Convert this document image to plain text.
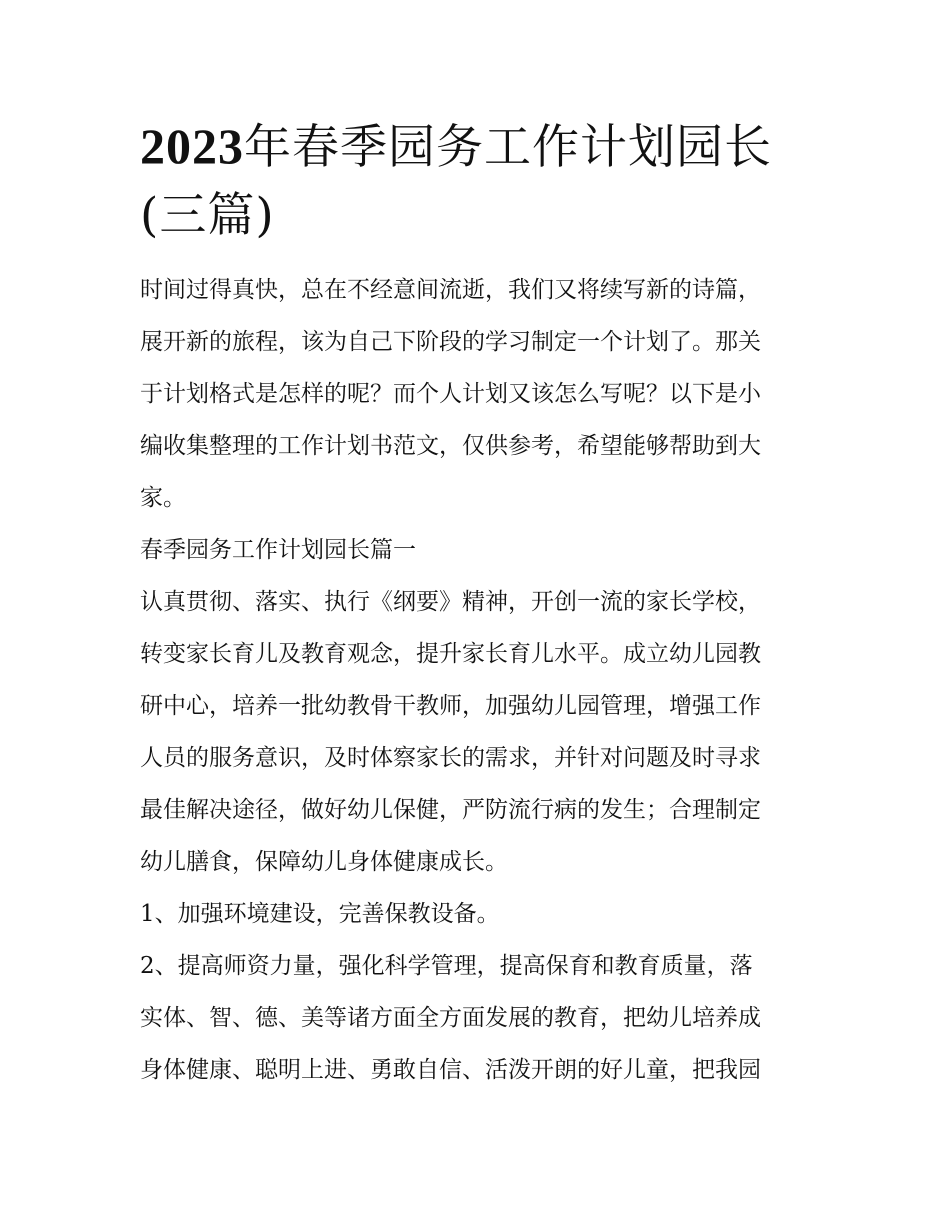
2023年春季园务工作计划园长
(三篇)

时间过得真快，总在不经意间流逝，我们又将续写新的诗篇，
展开新的旅程，该为自己下阶段的学习制定一个计划了。那关
于计划格式是怎样的呢？而个人计划又该怎么写呢？以下是小
编收集整理的工作计划书范文，仅供参考，希望能够帮助到大
家。

春季园务工作计划园长篇一

认真贯彻、落实、执行《纲要》精神，开创一流的家长学校，
转变家长育儿及教育观念，提升家长育儿水平。成立幼儿园教
研中心，培养一批幼教骨干教师，加强幼儿园管理，增强工作
人员的服务意识，及时体察家长的需求，并针对问题及时寻求
最佳解决途径，做好幼儿保健，严防流行病的发生；合理制定
幼儿膳食，保障幼儿身体健康成长。

1、加强环境建设，完善保教设备。

2、提高师资力量，强化科学管理，提高保育和教育质量，落
实体、智、德、美等诸方面全方面发展的教育，把幼儿培养成
身体健康、聪明上进、勇敢自信、活泼开朗的好儿童，把我园
